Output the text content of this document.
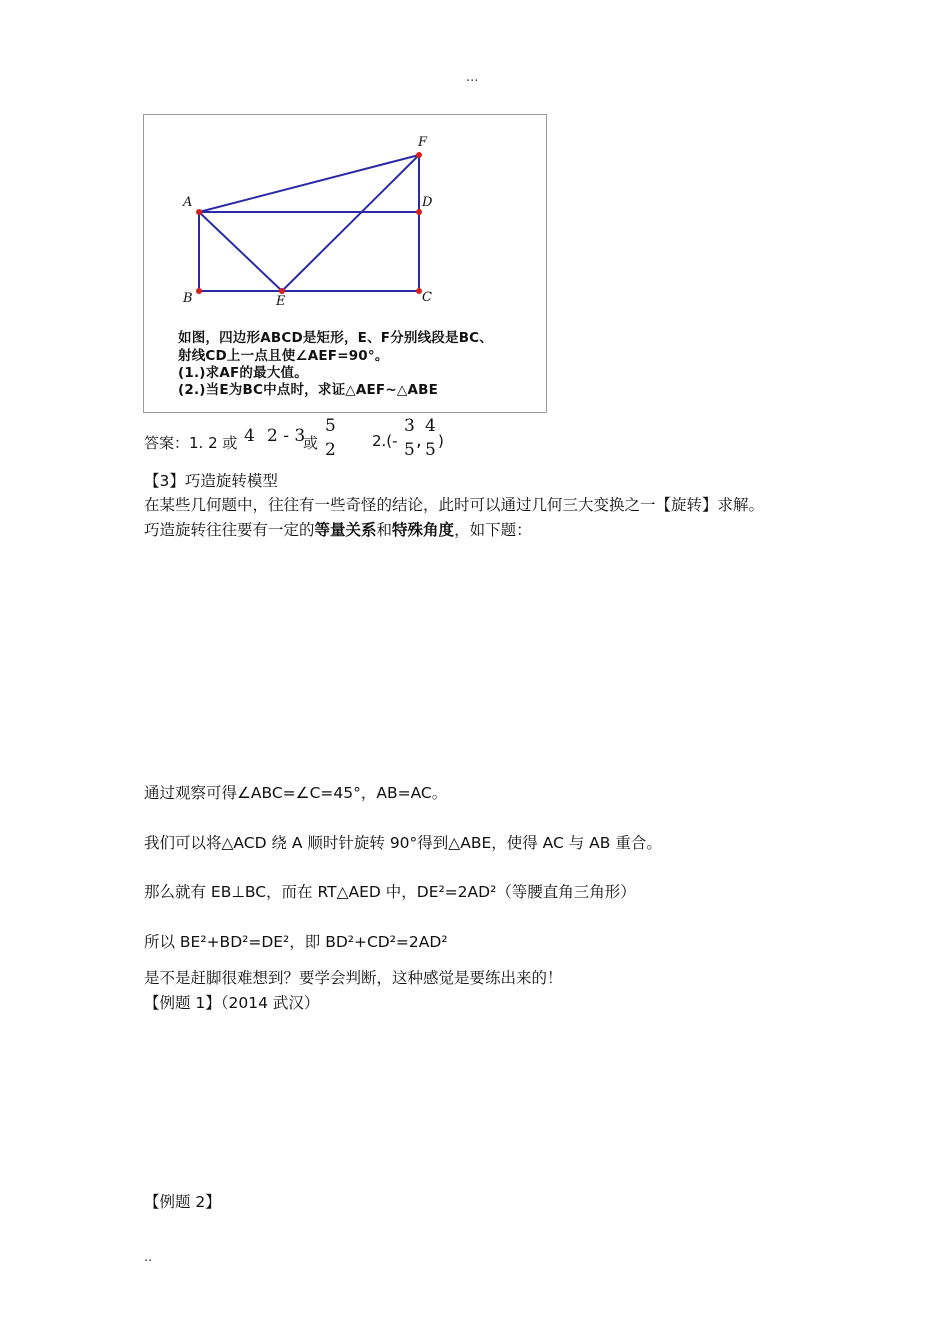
...
A
B	C
D
E
F
如图，四边形ABCD是矩形，E、F分别线段是BC、
射线CD上一点且使∠AEF=90°。
(1.)求AF的最大值。
(2.)当E为BC中点时，求证△AEF~△ABE
答案：1. 2 或 4 2 - 3
或
5
2 2.(-
3
5 ,
4
5 )
【3】巧造旋转模型
在某些几何题中，往往有一些奇怪的结论，此时可以通过几何三大变换之一【旋转】求解。
巧造旋转往往要有一定的等量关系和特殊角度，如下题：
通过观察可得∠ABC=∠C=45°，AB=AC。
我们可以将△ACD 绕 A 顺时针旋转 90°得到△ABE，使得 AC 与 AB 重合。
那么就有 EB⊥BC，而在 RT△AED 中，DE²=2AD²（等腰直角三角形）
所以 BE²+BD²=DE²，即 BD²+CD²=2AD²
是不是赶脚很难想到？要学会判断，这种感觉是要练出来的！
【例题 1】（2014 武汉）
【例题 2】
..
